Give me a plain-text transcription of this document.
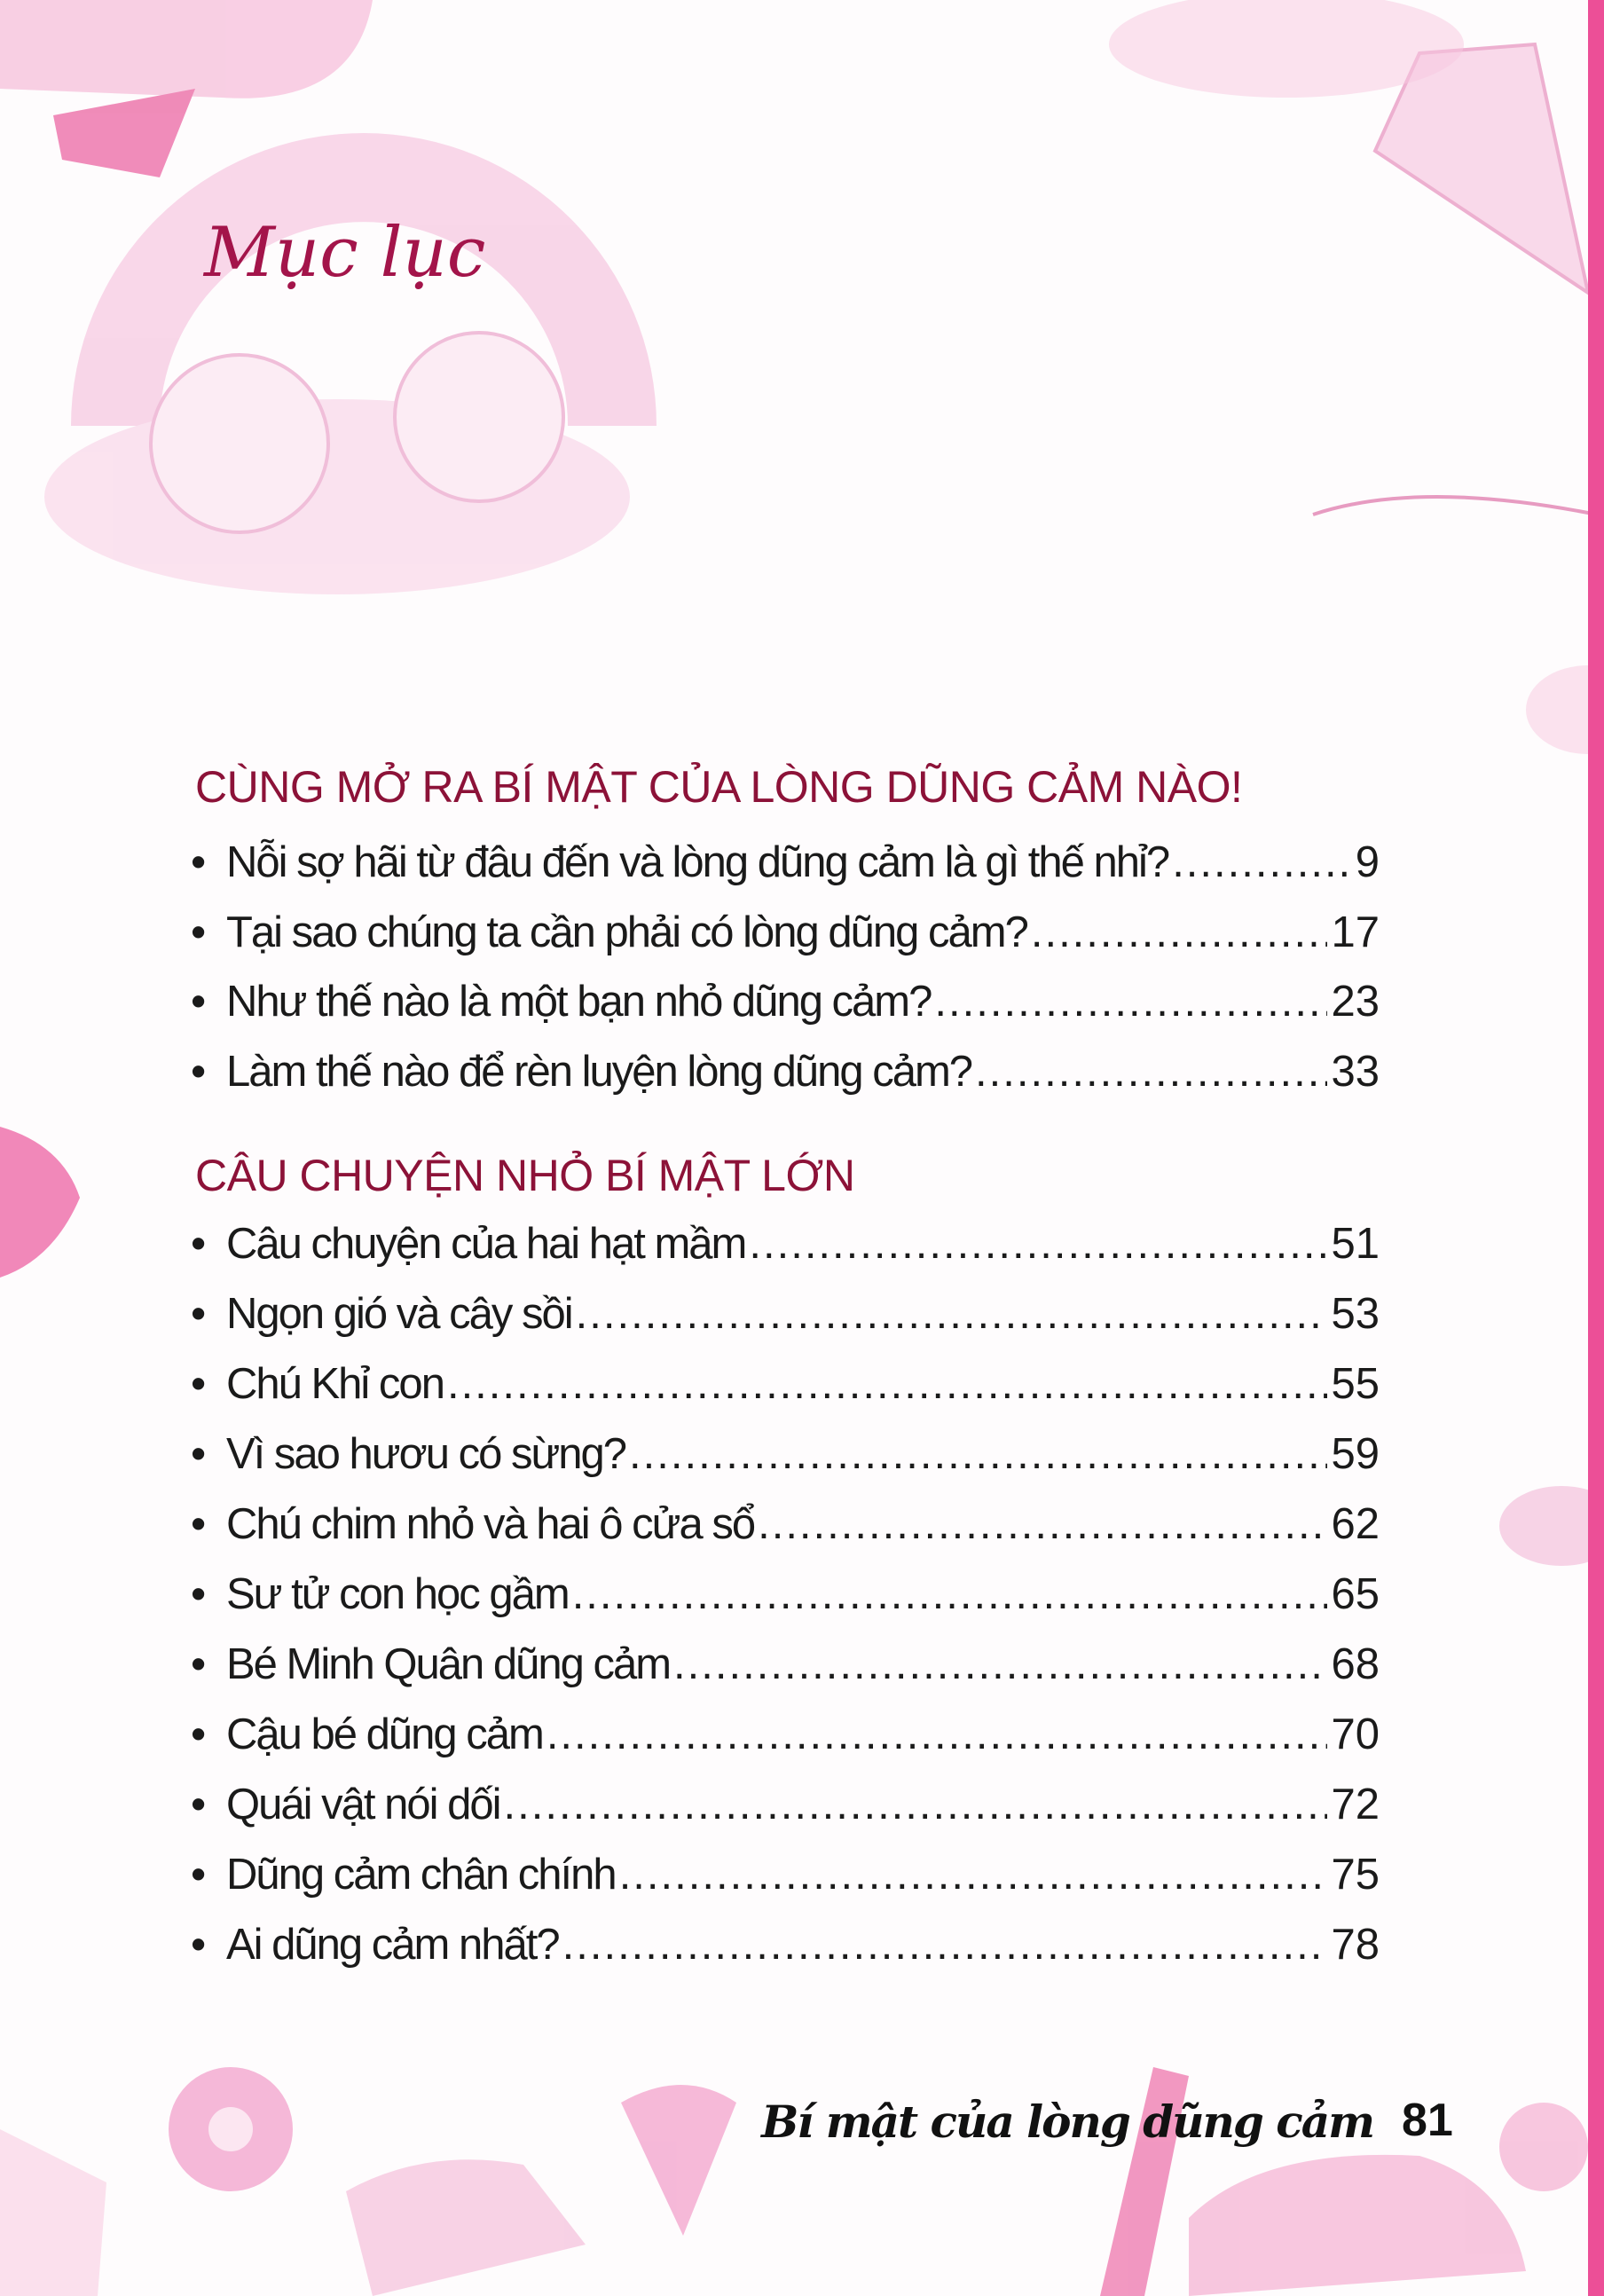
Mục lục
CÙNG MỞ RA BÍ MẬT CỦA LÒNG DŨNG CẢM NÀO!
• Nỗi sợ hãi từ đâu đến và lòng dũng cảm là gì thế nhỉ? .....	9
• Tại sao chúng ta cần phải có lòng dũng cảm? .....	17
• Như thế nào là một bạn nhỏ dũng cảm? .....	23
• Làm thế nào để rèn luyện lòng dũng cảm? .....	33
CÂU CHUYỆN NHỎ BÍ MẬT LỚN
• Câu chuyện của hai hạt mầm .....	51
• Ngọn gió và cây sồi .....	53
• Chú Khỉ con .....	55
• Vì sao hươu có sừng? .....	59
• Chú chim nhỏ và hai ô cửa sổ .....	62
• Sư tử con học gầm .....	65
• Bé Minh Quân dũng cảm .....	68
• Cậu bé dũng cảm .....	70
• Quái vật nói dối .....	72
• Dũng cảm chân chính .....	75
• Ai dũng cảm nhất? .....	78
Bí mật của lòng dũng cảm 81
